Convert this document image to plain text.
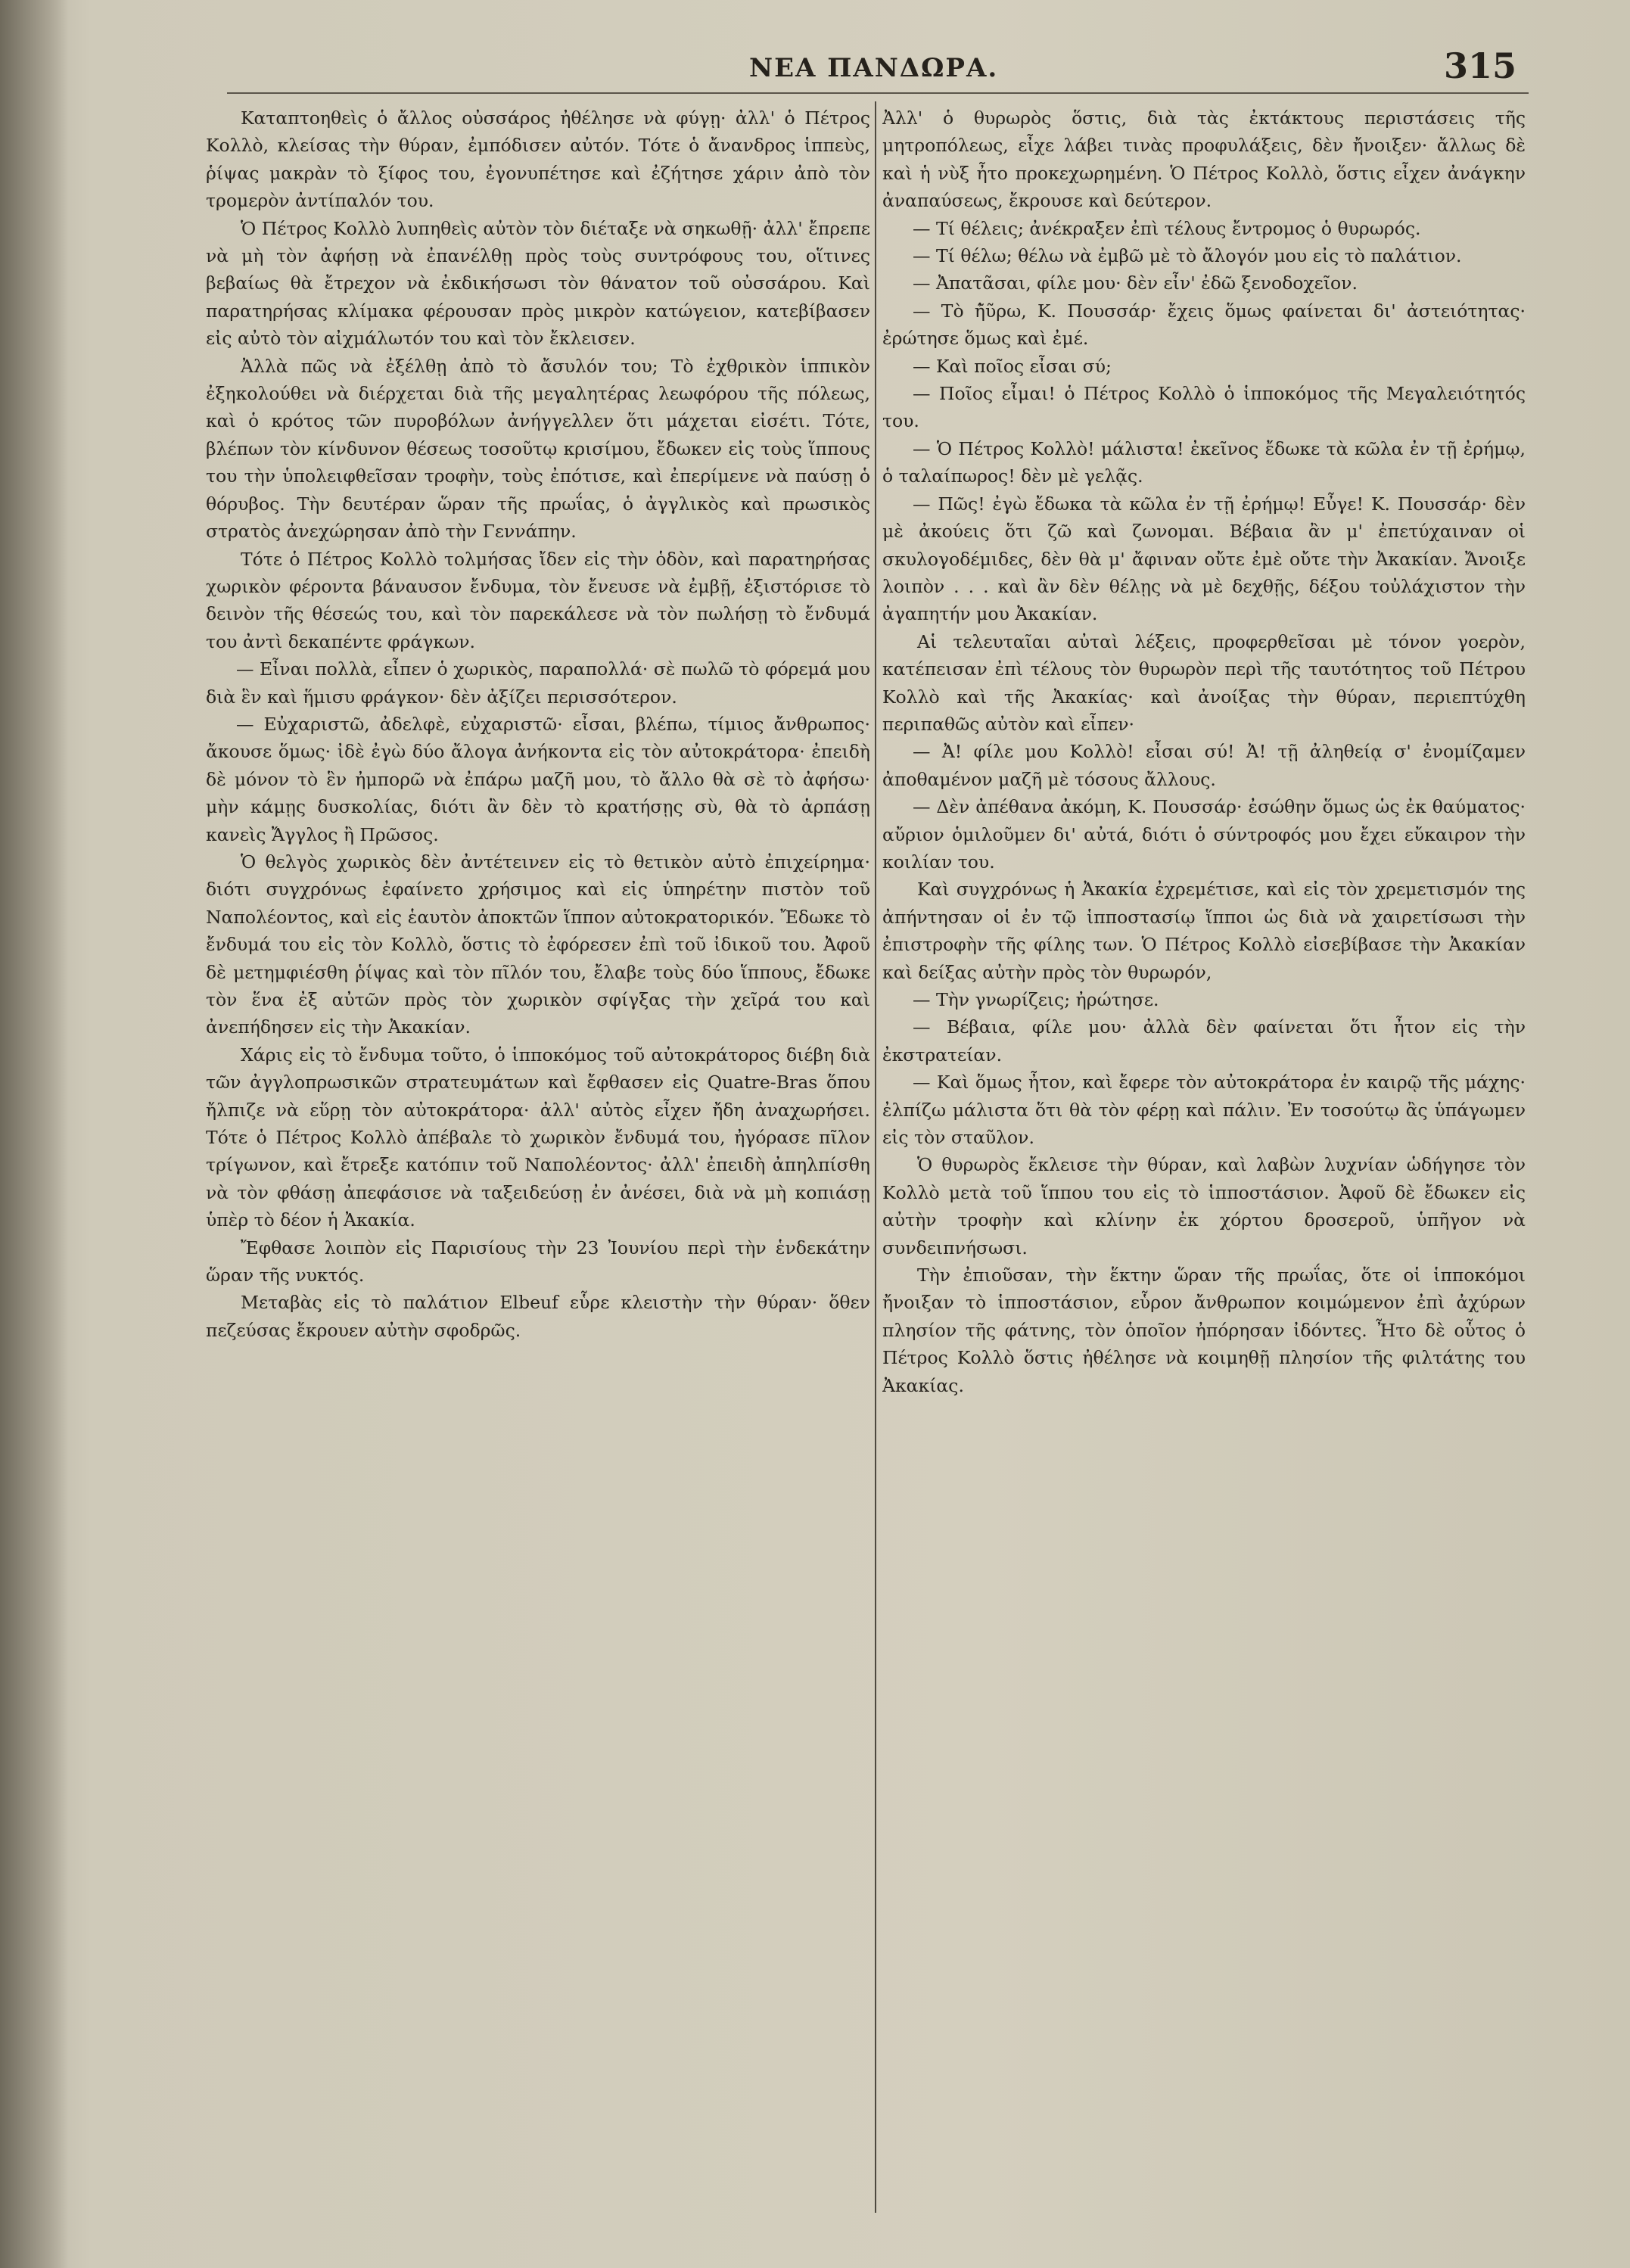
ΝΕΑ ΠΑΝΔΩΡΑ.	315

Καταπτοηθεὶς ὁ ἄλλος οὐσσάρος ἠθέλησε νὰ φύγῃ· ἀλλ' ὁ Πέτρος Κολλὸ, κλείσας τὴν θύραν, ἐμπόδισεν αὐτόν. Τότε ὁ ἄνανδρος ἱππεὺς, ῥίψας μακρὰν τὸ ξίφος του, ἐγονυπέτησε καὶ ἐζήτησε χάριν ἀπὸ τὸν τρομερὸν ἀντίπαλόν του.

Ὁ Πέτρος Κολλὸ λυπηθεὶς αὐτὸν τὸν διέταξε νὰ σηκωθῇ· ἀλλ' ἔπρεπε νὰ μὴ τὸν ἀφήσῃ νὰ ἐπανέλθῃ πρὸς τοὺς συντρόφους του, οἵτινες βεβαίως θὰ ἔτρεχον νὰ ἐκδικήσωσι τὸν θάνατον τοῦ οὐσσάρου. Καὶ παρατηρήσας κλίμακα φέρουσαν πρὸς μικρὸν κατώγειον, κατεβίβασεν εἰς αὐτὸ τὸν αἰχμάλωτόν του καὶ τὸν ἔκλεισεν.

Ἀλλὰ πῶς νὰ ἐξέλθῃ ἀπὸ τὸ ἄσυλόν του; Τὸ ἐχθρικὸν ἱππικὸν ἐξηκολούθει νὰ διέρχεται διὰ τῆς μεγαλητέρας λεωφόρου τῆς πόλεως, καὶ ὁ κρότος τῶν πυροβόλων ἀνήγγελλεν ὅτι μάχεται εἰσέτι. Τότε, βλέπων τὸν κίνδυνον θέσεως τοσοῦτῳ κρισίμου, ἔδωκεν εἰς τοὺς ἵππους του τὴν ὑπολειφθεῖσαν τροφὴν, τοὺς ἐπότισε, καὶ ἐπερίμενε νὰ παύσῃ ὁ θόρυβος. Τὴν δευτέραν ὥραν τῆς πρωΐας, ὁ ἀγγλικὸς καὶ πρωσικὸς στρατὸς ἀνεχώρησαν ἀπὸ τὴν Γεννάπην.

Τότε ὁ Πέτρος Κολλὸ τολμήσας ἴδεν εἰς τὴν ὁδὸν, καὶ παρατηρήσας χωρικὸν φέροντα βάναυσον ἔνδυμα, τὸν ἔνευσε νὰ ἐμβῇ, ἐξιστόρισε τὸ δεινὸν τῆς θέσεώς του, καὶ τὸν παρεκάλεσε νὰ τὸν πωλήσῃ τὸ ἔνδυμά του ἀντὶ δεκαπέντε φράγκων.

— Εἶναι πολλὰ, εἶπεν ὁ χωρικὸς, παραπολλά· σὲ πωλῶ τὸ φόρεμά μου διὰ ἓν καὶ ἥμισυ φράγκον· δὲν ἀξίζει περισσότερον.

— Εὐχαριστῶ, ἀδελφὲ, εὐχαριστῶ· εἶσαι, βλέπω, τίμιος ἄνθρωπος· ἄκουσε ὅμως· ἰδὲ ἐγὼ δύο ἄλογα ἀνήκοντα εἰς τὸν αὐτοκράτορα· ἐπειδὴ δὲ μόνον τὸ ἓν ἠμπορῶ νὰ ἐπάρω μαζῆ μου, τὸ ἄλλο θὰ σὲ τὸ ἀφήσω· μὴν κάμῃς δυσκολίας, διότι ἂν δὲν τὸ κρατήσῃς σὺ, θὰ τὸ ἁρπάσῃ κανεὶς Ἄγγλος ἢ Πρῶσος.

Ὁ θελγὸς χωρικὸς δὲν ἀντέτεινεν εἰς τὸ θετικὸν αὐτὸ ἐπιχείρημα· διότι συγχρόνως ἐφαίνετο χρήσιμος καὶ εἰς ὑπηρέτην πιστὸν τοῦ Ναπολέοντος, καὶ εἰς ἑαυτὸν ἀποκτῶν ἵππον αὐτοκρατορικόν. Ἔδωκε τὸ ἔνδυμά του εἰς τὸν Κολλὸ, ὅστις τὸ ἐφόρεσεν ἐπὶ τοῦ ἰδικοῦ του. Ἀφοῦ δὲ μετημφιέσθη ῥίψας καὶ τὸν πῖλόν του, ἔλαβε τοὺς δύο ἵππους, ἔδωκε τὸν ἕνα ἐξ αὐτῶν πρὸς τὸν χωρικὸν σφίγξας τὴν χεῖρά του καὶ ἀνεπήδησεν εἰς τὴν Ἀκακίαν.

Χάρις εἰς τὸ ἔνδυμα τοῦτο, ὁ ἱπποκόμος τοῦ αὐτοκράτορος διέβη διὰ τῶν ἀγγλοπρωσικῶν στρατευμάτων καὶ ἔφθασεν εἰς Quatre-Bras ὅπου ἤλπιζε νὰ εὕρῃ τὸν αὐτοκράτορα· ἀλλ' αὐτὸς εἶχεν ἤδη ἀναχωρήσει. Τότε ὁ Πέτρος Κολλὸ ἀπέβαλε τὸ χωρικὸν ἔνδυμά του, ἠγόρασε πῖλον τρίγωνον, καὶ ἔτρεξε κατόπιν τοῦ Ναπολέοντος· ἀλλ' ἐπειδὴ ἀπηλπίσθη νὰ τὸν φθάσῃ ἀπεφάσισε νὰ ταξειδεύσῃ ἐν ἀνέσει, διὰ νὰ μὴ κοπιάσῃ ὑπὲρ τὸ δέον ἡ Ἀκακία.

Ἔφθασε λοιπὸν εἰς Παρισίους τὴν 23 Ἰουνίου περὶ τὴν ἑνδεκάτην ὥραν τῆς νυκτός.

Μεταβὰς εἰς τὸ παλάτιον Elbeuf εὗρε κλειστὴν τὴν θύραν· ὅθεν πεζεύσας ἔκρουεν αὐτὴν σφοδρῶς.

Ἀλλ' ὁ θυρωρὸς ὅστις, διὰ τὰς ἐκτάκτους περιστάσεις τῆς μητροπόλεως, εἶχε λάβει τινὰς προφυλάξεις, δὲν ἤνοιξεν· ἄλλως δὲ καὶ ἡ νὺξ ἦτο προκεχωρημένη. Ὁ Πέτρος Κολλὸ, ὅστις εἶχεν ἀνάγκην ἀναπαύσεως, ἔκρουσε καὶ δεύτερον.

— Τί θέλεις; ἀνέκραξεν ἐπὶ τέλους ἔντρομος ὁ θυρωρός.

— Τί θέλω; θέλω νὰ ἐμβῶ μὲ τὸ ἄλογόν μου εἰς τὸ παλάτιον.

— Ἀπατᾶσαι, φίλε μου· δὲν εἶν' ἐδῶ ξενοδοχεῖον.

— Τὸ ἠ̃ῦρω, Κ. Πουσσάρ· ἔχεις ὅμως φαίνεται δι' ἀστειότητας· ἐρώτησε ὅμως καὶ ἐμέ.

— Καὶ ποῖος εἶσαι σύ;

— Ποῖος εἶμαι! ὁ Πέτρος Κολλὸ ὁ ἱπποκόμος τῆς Μεγαλειότητός του.

— Ὁ Πέτρος Κολλὸ! μάλιστα! ἐκεῖνος ἔδωκε τὰ κῶλα ἐν τῇ ἐρήμῳ, ὁ ταλαίπωρος! δὲν μὲ γελᾷς.

— Πῶς! ἐγὼ ἔδωκα τὰ κῶλα ἐν τῇ ἐρήμῳ! Εὖγε! Κ. Πουσσάρ· δὲν μὲ ἀκούεις ὅτι ζῶ καὶ ζωνομαι. Βέβαια ἂν μ' ἐπετύχαιναν οἱ σκυλογοδέμιδες, δὲν θὰ μ' ἄφιναν οὔτε ἐμὲ οὔτε τὴν Ἀκακίαν. Ἄνοιξε λοιπὸν . . . καὶ ἂν δὲν θέλῃς νὰ μὲ δεχθῇς, δέξου τοὐλάχιστον τὴν ἀγαπητήν μου Ἀκακίαν.

Αἱ τελευταῖαι αὐταὶ λέξεις, προφερθεῖσαι μὲ τόνον γοερὸν, κατέπεισαν ἐπὶ τέλους τὸν θυρωρὸν περὶ τῆς ταυτότητος τοῦ Πέτρου Κολλὸ καὶ τῆς Ἀκακίας· καὶ ἀνοίξας τὴν θύραν, περιεπτύχθη περιπαθῶς αὐτὸν καὶ εἶπεν·

— Ἀ! φίλε μου Κολλὸ! εἶσαι σύ! Ἀ! τῇ ἀληθείᾳ σ' ἐνομίζαμεν ἀποθαμένον μαζῆ μὲ τόσους ἄλλους.

— Δὲν ἀπέθανα ἀκόμη, Κ. Πουσσάρ· ἐσώθην ὅμως ὡς ἐκ θαύματος· αὔριον ὁμιλοῦμεν δι' αὐτά, διότι ὁ σύντροφός μου ἔχει εὔκαιρον τὴν κοιλίαν του.

Καὶ συγχρόνως ἡ Ἀκακία ἐχρεμέτισε, καὶ εἰς τὸν χρεμετισμόν της ἀπήντησαν οἱ ἐν τῷ ἱπποστασίῳ ἵπποι ὡς διὰ νὰ χαιρετίσωσι τὴν ἐπιστροφὴν τῆς φίλης των. Ὁ Πέτρος Κολλὸ εἰσεβίβασε τὴν Ἀκακίαν καὶ δείξας αὐτὴν πρὸς τὸν θυρωρόν,

— Τὴν γνωρίζεις; ἠρώτησε.

— Βέβαια, φίλε μου· ἀλλὰ δὲν φαίνεται ὅτι ἦτον εἰς τὴν ἐκστρατείαν.

— Καὶ ὅμως ἦτον, καὶ ἔφερε τὸν αὐτοκράτορα ἐν καιρῷ τῆς μάχης· ἐλπίζω μάλιστα ὅτι θὰ τὸν φέρῃ καὶ πάλιν. Ἐν τοσούτῳ ἂς ὑπάγωμεν εἰς τὸν σταῦλον.

Ὁ θυρωρὸς ἔκλεισε τὴν θύραν, καὶ λαβὼν λυχνίαν ὡδήγησε τὸν Κολλὸ μετὰ τοῦ ἵππου του εἰς τὸ ἱπποστάσιον. Ἀφοῦ δὲ ἔδωκεν εἰς αὐτὴν τροφὴν καὶ κλίνην ἐκ χόρτου δροσεροῦ, ὑπῆγον νὰ συνδειπνήσωσι.

Τὴν ἐπιοῦσαν, τὴν ἕκτην ὥραν τῆς πρωΐας, ὅτε οἱ ἱπποκόμοι ἤνοιξαν τὸ ἱπποστάσιον, εὗρον ἄνθρωπον κοιμώμενον ἐπὶ ἀχύρων πλησίον τῆς φάτνης, τὸν ὁποῖον ἠπόρησαν ἰδόντες. Ἦτο δὲ οὗτος ὁ Πέτρος Κολλὸ ὅστις ἠθέλησε νὰ κοιμηθῇ πλησίον τῆς φιλτάτης του Ἀκακίας.
